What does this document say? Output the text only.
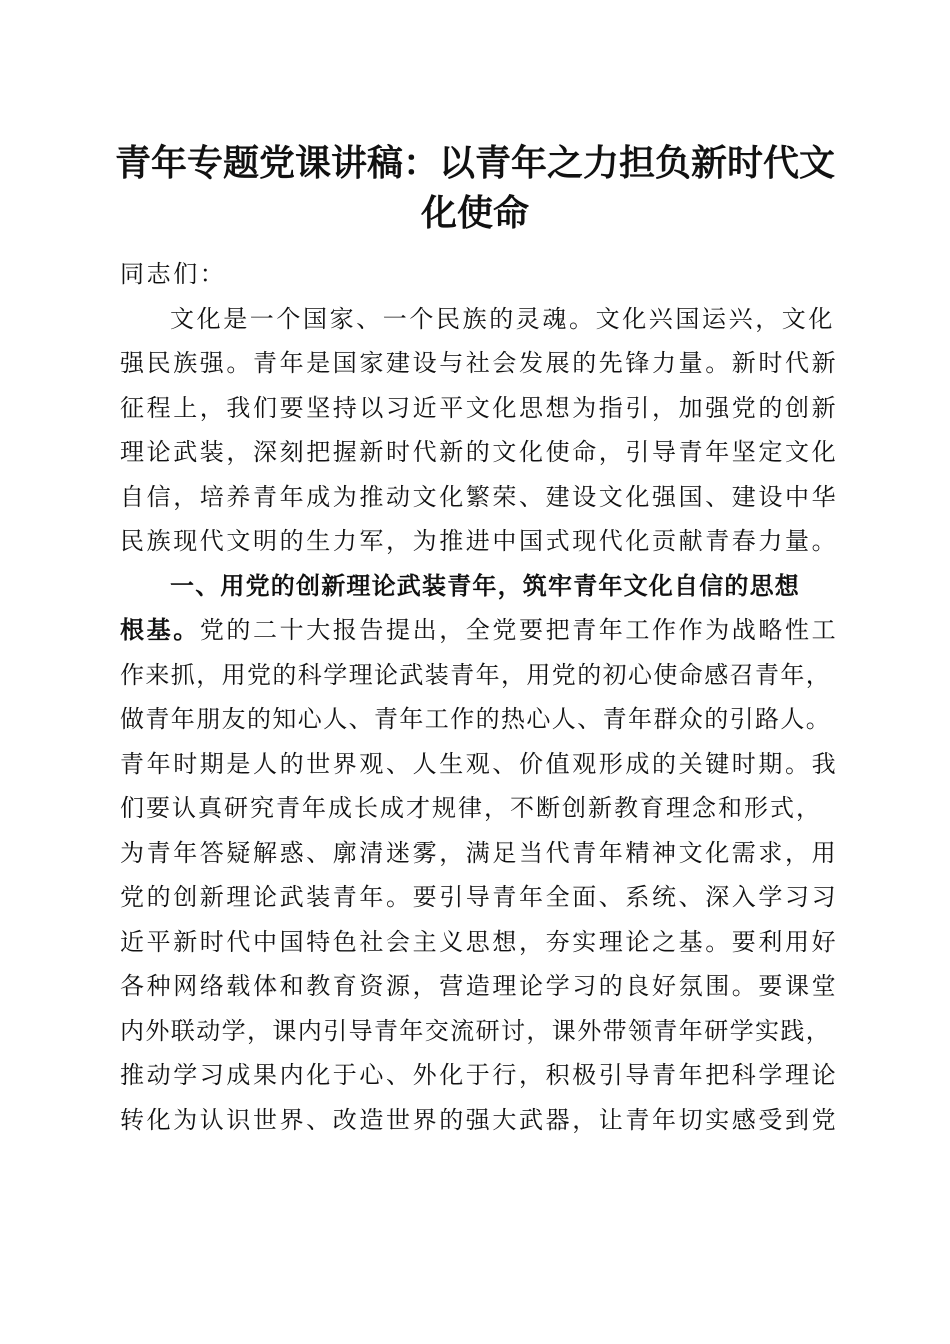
青年专题党课讲稿：以青年之力担负新时代文
化使命
同志们：
文化是一个国家、一个民族的灵魂。文化兴国运兴，文化
强民族强。青年是国家建设与社会发展的先锋力量。新时代新
征程上，我们要坚持以习近平文化思想为指引，加强党的创新
理论武装，深刻把握新时代新的文化使命，引导青年坚定文化
自信，培养青年成为推动文化繁荣、建设文化强国、建设中华
民族现代文明的生力军，为推进中国式现代化贡献青春力量。
一、用党的创新理论武装青年，筑牢青年文化自信的思想
根基。党的二十大报告提出，全党要把青年工作作为战略性工
作来抓，用党的科学理论武装青年，用党的初心使命感召青年，
做青年朋友的知心人、青年工作的热心人、青年群众的引路人。
青年时期是人的世界观、人生观、价值观形成的关键时期。我
们要认真研究青年成长成才规律，不断创新教育理念和形式，
为青年答疑解惑、廓清迷雾，满足当代青年精神文化需求，用
党的创新理论武装青年。要引导青年全面、系统、深入学习习
近平新时代中国特色社会主义思想，夯实理论之基。要利用好
各种网络载体和教育资源，营造理论学习的良好氛围。要课堂
内外联动学，课内引导青年交流研讨，课外带领青年研学实践，
推动学习成果内化于心、外化于行，积极引导青年把科学理论
转化为认识世界、改造世界的强大武器，让青年切实感受到党
